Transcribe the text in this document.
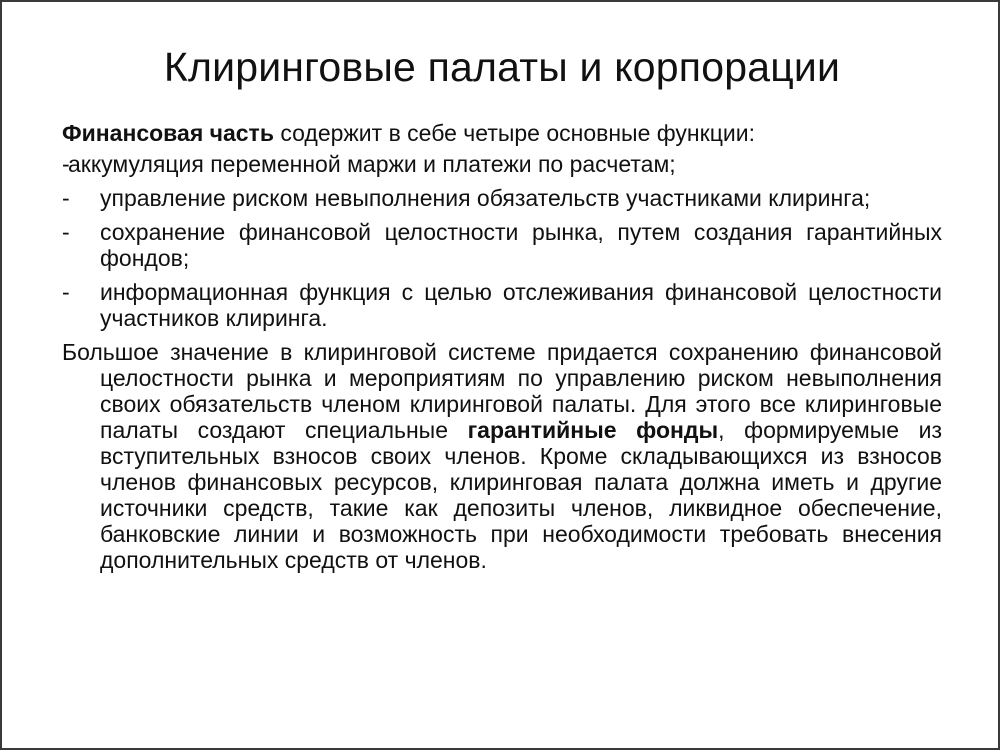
Клиринговые палаты и корпорации

Финансовая часть содержит в себе четыре основные функции:

-
аккумуляция переменной маржи и платежи по расчетам;
-	управление риском невыполнения обязательств участниками клиринга;
-	сохранение финансовой целостности рынка, путем создания гарантийных фондов;
-	информационная функция с целью отслеживания финансовой целостности участников клиринга.

Большое значение в клиринговой системе придается сохранению финансовой целостности рынка и мероприятиям по управлению риском невыполнения своих обязательств членом клиринговой палаты. Для этого все клиринговые палаты создают специальные гарантийные фонды, формируемые из вступительных взносов своих членов. Кроме складывающихся из взносов членов финансовых ресурсов, клиринговая палата должна иметь и другие источники средств, такие как депозиты членов, ликвидное обеспечение, банковские линии и возможность при необходимости требовать внесения дополнительных средств от членов.
